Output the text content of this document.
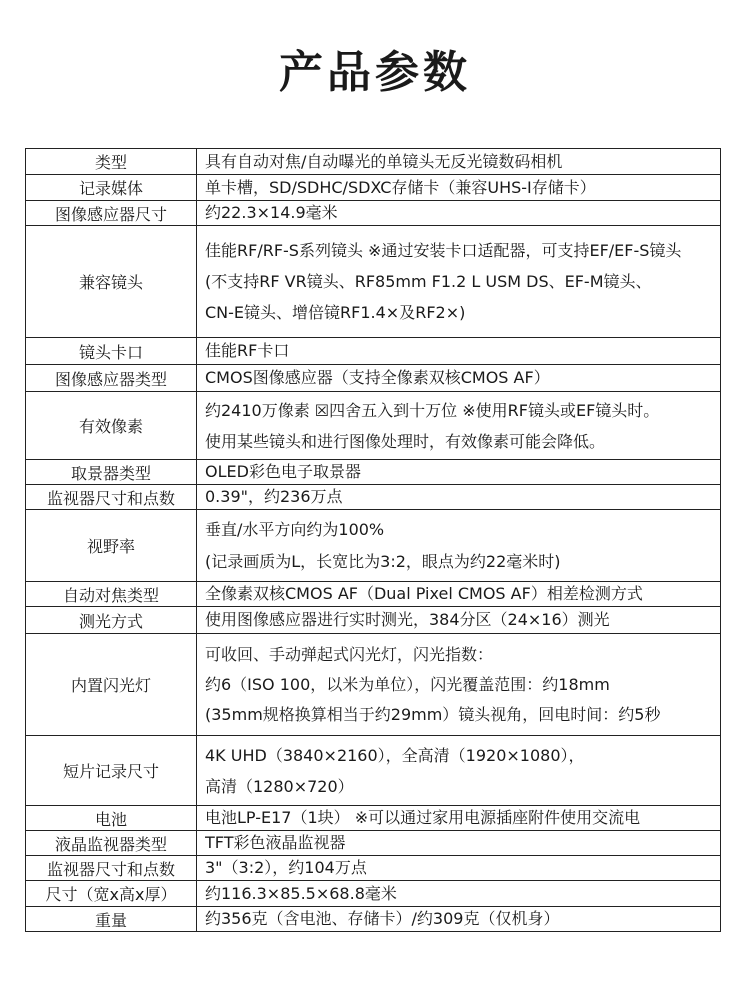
产品参数
类型	具有自动对焦/自动曝光的单镜头无反光镜数码相机

记录媒体	单卡槽，SD/SDHC/SDXC存储卡（兼容UHS-I存储卡）

图像感应器尺寸	约22.3×14.9毫米

兼容镜头	佳能RF/RF-S系列镜头 ※通过安装卡口适配器，可支持EF/EF-S镜头
(不支持RF VR镜头、RF85mm F1.2 L USM DS、EF-M镜头、
CN-E镜头、增倍镜RF1.4×及RF2×)

镜头卡口	佳能RF卡口

图像感应器类型	CMOS图像感应器（支持全像素双核CMOS AF）

有效像素	约2410万像素 ☒四舍五入到十万位 ※使用RF镜头或EF镜头时。
使用某些镜头和进行图像处理时，有效像素可能会降低。

取景器类型	OLED彩色电子取景器

监视器尺寸和点数	0.39"，约236万点

视野率	垂直/水平方向约为100%
(记录画质为L，长宽比为3:2，眼点为约22毫米时)

自动对焦类型	全像素双核CMOS AF（Dual Pixel CMOS AF）相差检测方式

测光方式	使用图像感应器进行实时测光，384分区（24×16）测光

内置闪光灯	可收回、手动弹起式闪光灯，闪光指数：
约6（ISO 100，以米为单位），闪光覆盖范围：约18mm
(35mm规格换算相当于约29mm）镜头视角，回电时间：约5秒

短片记录尺寸	4K UHD（3840×2160），全高清（1920×1080），
高清（1280×720）

电池	电池LP-E17（1块） ※可以通过家用电源插座附件使用交流电

液晶监视器类型	TFT彩色液晶监视器

监视器尺寸和点数	3"（3:2），约104万点

尺寸（宽x高x厚）	约116.3×85.5×68.8毫米

重量	约356克（含电池、存储卡）/约309克（仅机身）
